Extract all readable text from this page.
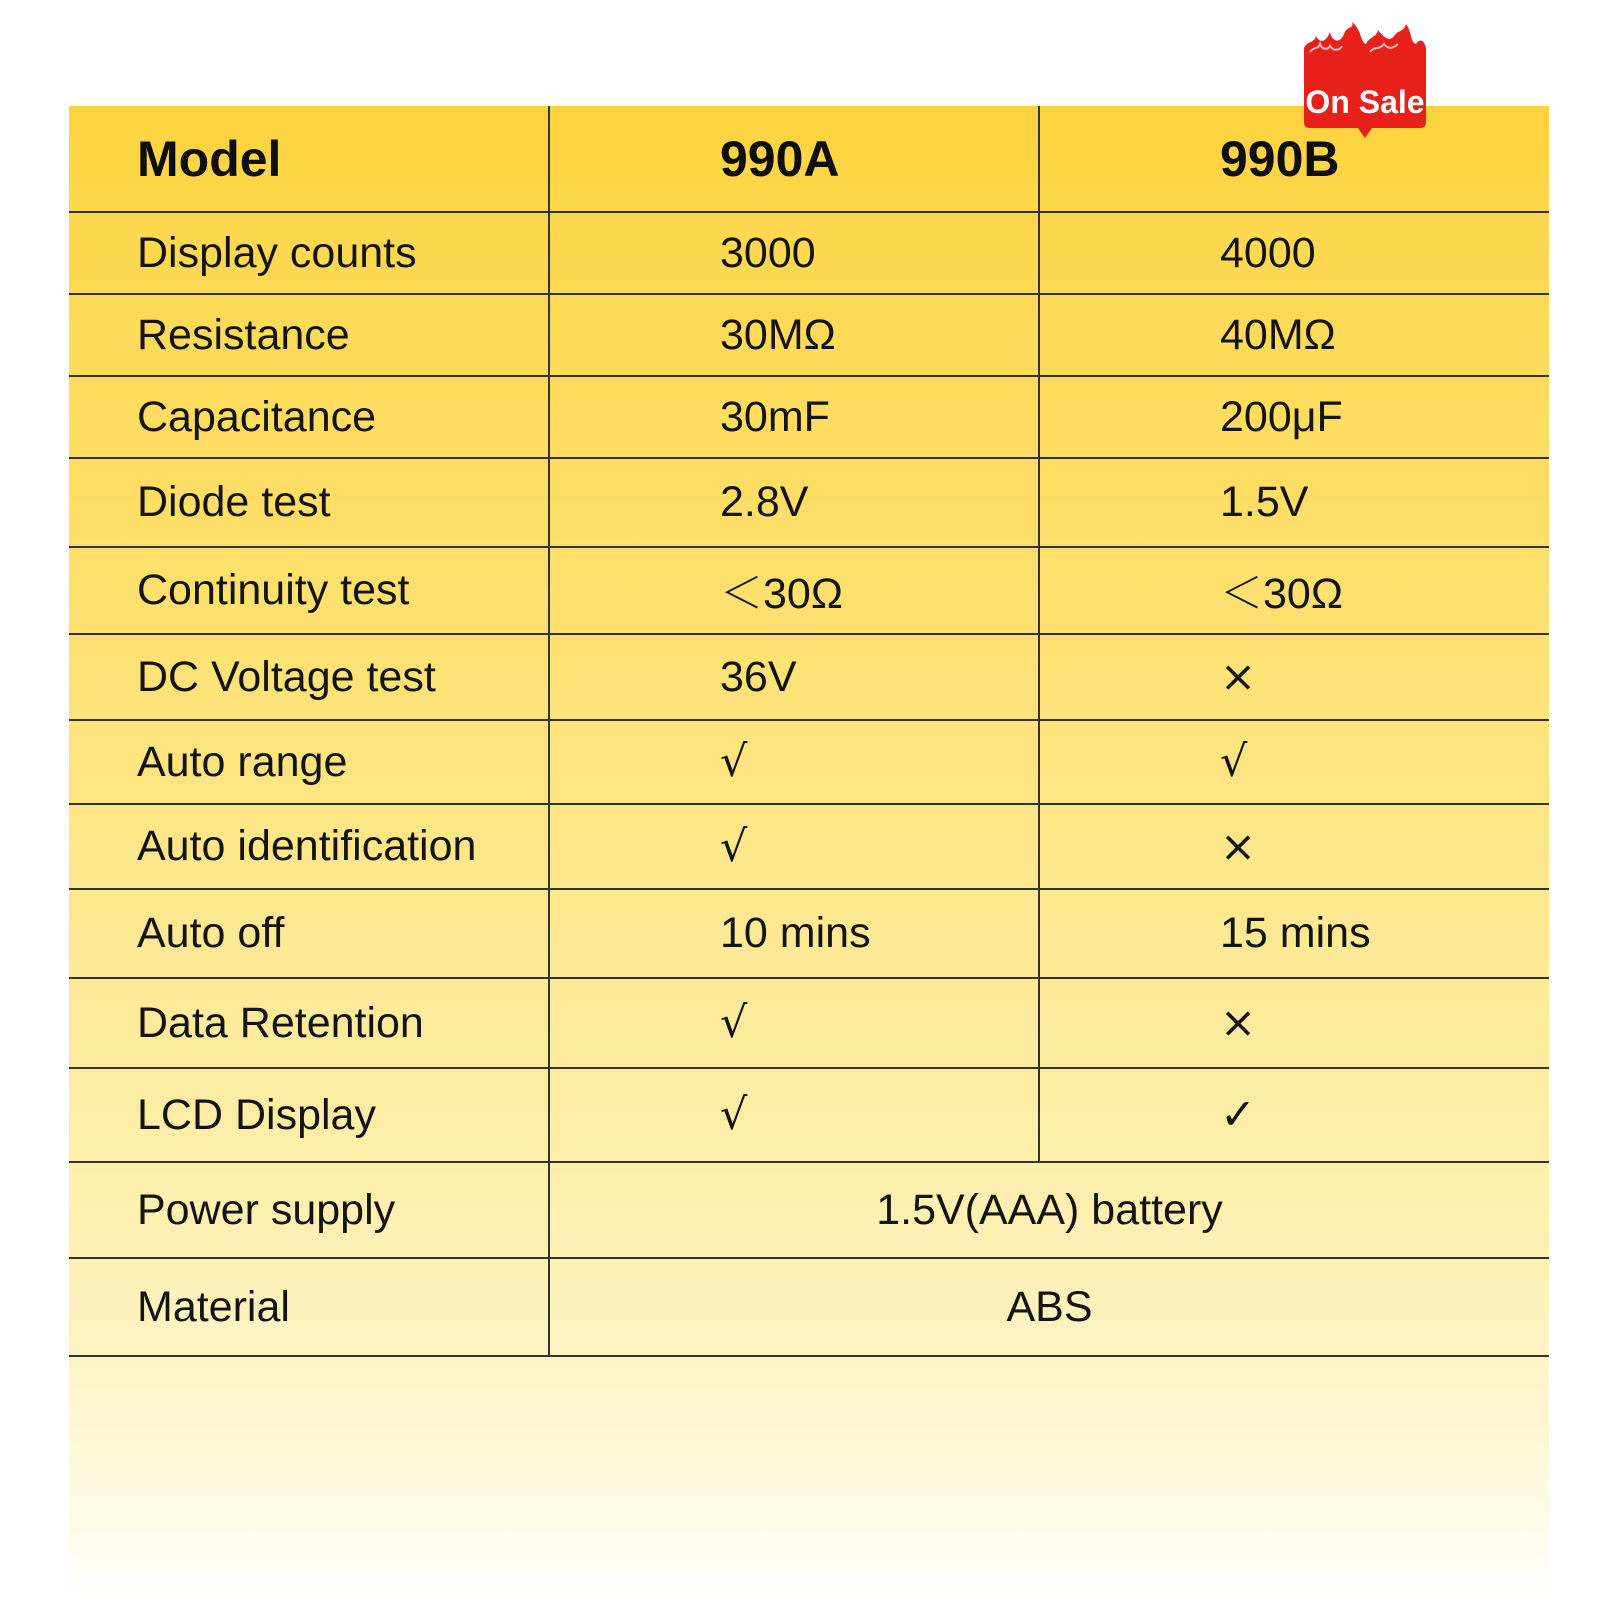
Model	990A	990B
Display counts	3000	4000
Resistance	30MΩ	40MΩ
Capacitance	30mF	200μF
Diode test	2.8V	1.5V
Continuity test	＜30Ω	＜30Ω
DC Voltage test	36V	×
Auto range	√	√
Auto identification	√	×
Auto off	10 mins	15 mins
Data Retention	√	×
LCD Display	√	✓
Power supply	1.5V(AAA) battery	
Material	ABS	
On Sale
